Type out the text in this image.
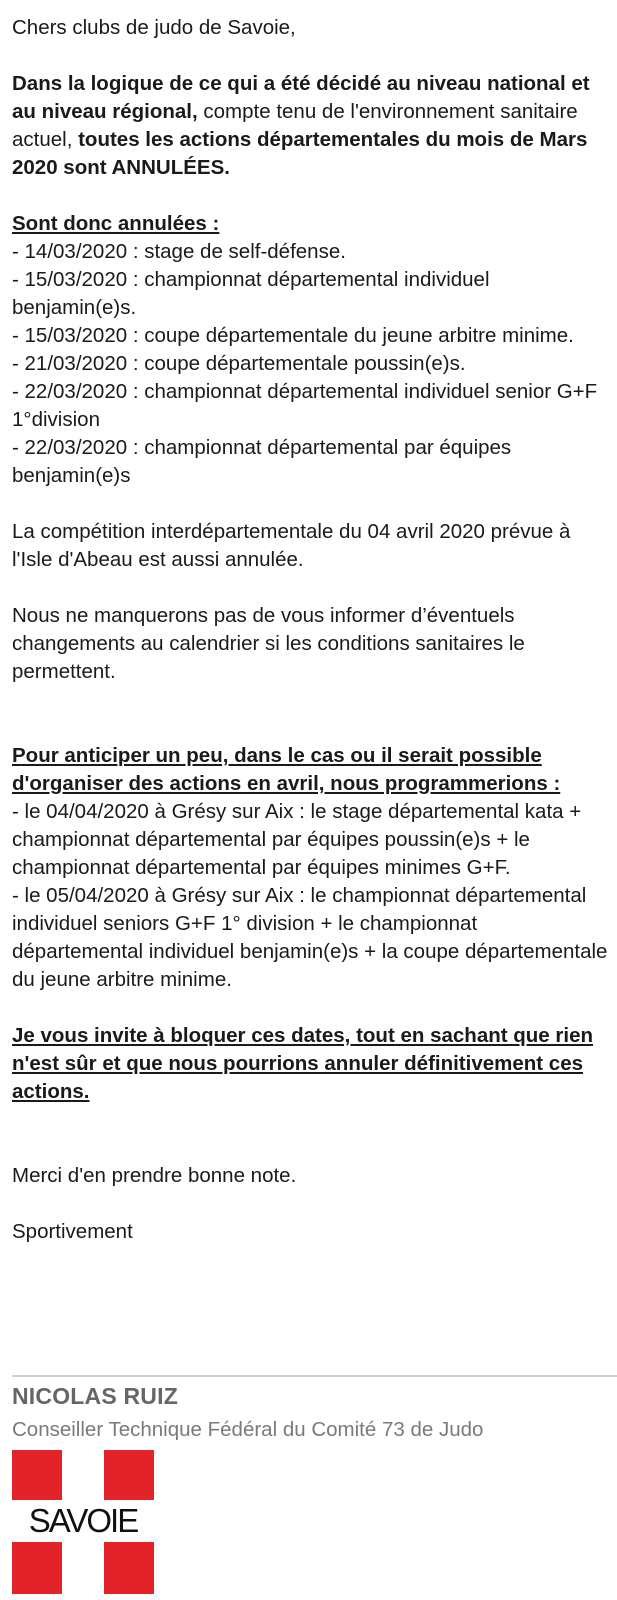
Chers clubs de judo de Savoie,

Dans la logique de ce qui a été décidé au niveau national et au niveau régional, compte tenu de l'environnement sanitaire actuel, toutes les actions départementales du mois de Mars 2020 sont ANNULÉES.

Sont donc annulées :

- 14/03/2020 : stage de self-défense.

- 15/03/2020 : championnat départemental individuel benjamin(e)s.

- 15/03/2020 : coupe départementale du jeune arbitre minime.

- 21/03/2020 : coupe départementale poussin(e)s.

- 22/03/2020 : championnat départemental individuel senior G+F 1°division

- 22/03/2020 : championnat départemental par équipes benjamin(e)s

La compétition interdépartementale du 04 avril 2020 prévue à l'Isle d'Abeau est aussi annulée.

Nous ne manquerons pas de vous informer d’éventuels changements au calendrier si les conditions sanitaires le permettent.

Pour anticiper un peu, dans le cas ou il serait possible d'organiser des actions en avril, nous programmerions :

- le 04/04/2020 à Grésy sur Aix : le stage départemental kata + championnat départemental par équipes poussin(e)s + le championnat départemental par équipes minimes G+F.

- le 05/04/2020 à Grésy sur Aix : le championnat départemental individuel seniors G+F 1° division + le championnat départemental individuel benjamin(e)s + la coupe départementale du jeune arbitre minime.

Je vous invite à bloquer ces dates, tout en sachant que rien n'est sûr et que nous pourrions annuler définitivement ces actions.

Merci d'en prendre bonne note.

Sportivement

NICOLAS RUIZ
Conseiller Technique Fédéral du Comité 73 de Judo
SAVOIE
